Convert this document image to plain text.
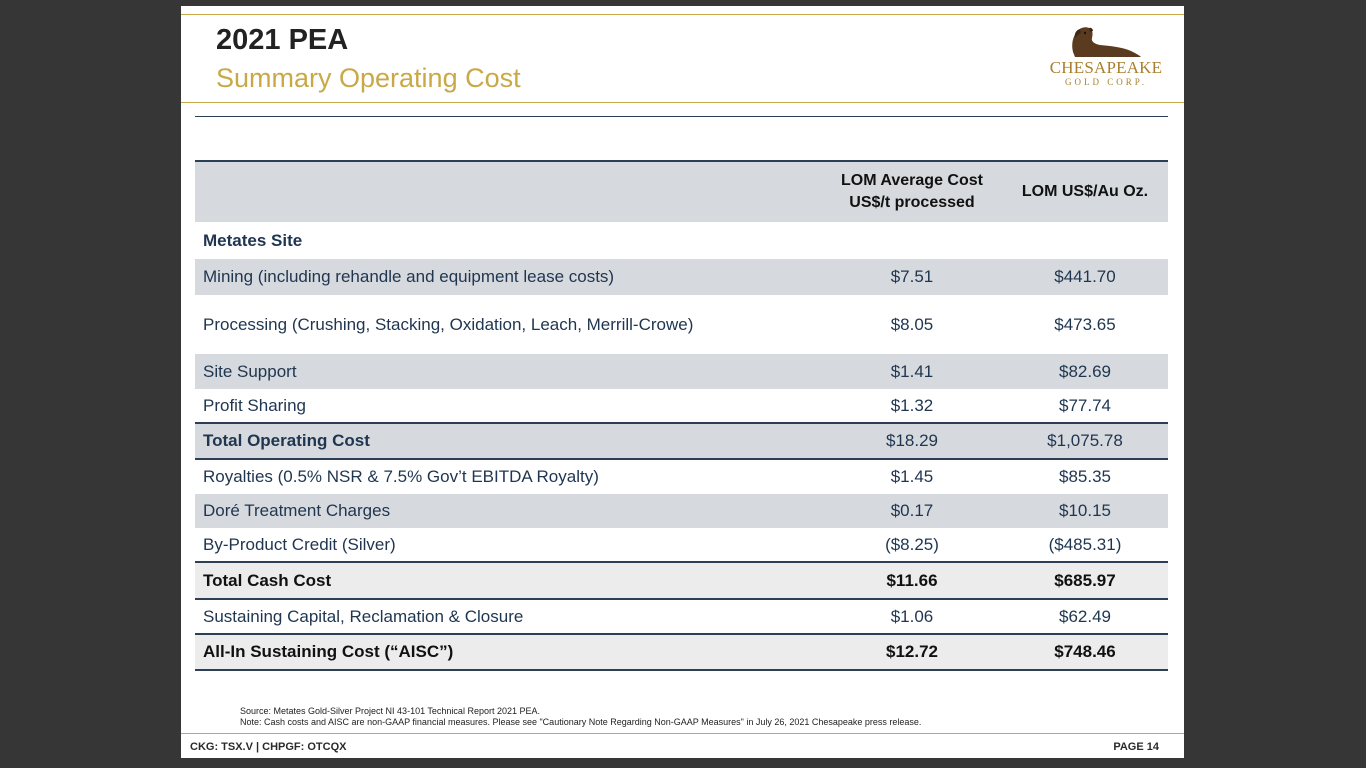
2021 PEA
Summary Operating Cost	CHESAPEAKE
GOLD CORP.

	LOM Average Cost US$/t processed	LOM US$/Au Oz.
Metates Site		
Mining (including rehandle and equipment lease costs)	$7.51	$441.70
Processing (Crushing, Stacking, Oxidation, Leach, Merrill-Crowe)	$8.05	$473.65
Site Support	$1.41	$82.69
Profit Sharing	$1.32	$77.74
Total Operating Cost	$18.29	$1,075.78
Royalties (0.5% NSR & 7.5% Gov’t EBITDA Royalty)	$1.45	$85.35
Doré Treatment Charges	$0.17	$10.15
By-Product Credit (Silver)	($8.25)	($485.31)
Total Cash Cost	$11.66	$685.97
Sustaining Capital, Reclamation & Closure	$1.06	$62.49
All-In Sustaining Cost (“AISC”)	$12.72	$748.46
Source: Metates Gold-Silver Project NI 43-101 Technical Report 2021 PEA.
Note: Cash costs and AISC are non-GAAP financial measures. Please see "Cautionary Note Regarding Non-GAAP Measures" in July 26, 2021 Chesapeake press release.
CKG: TSX.V | CHPGF: OTCQX	PAGE 14
